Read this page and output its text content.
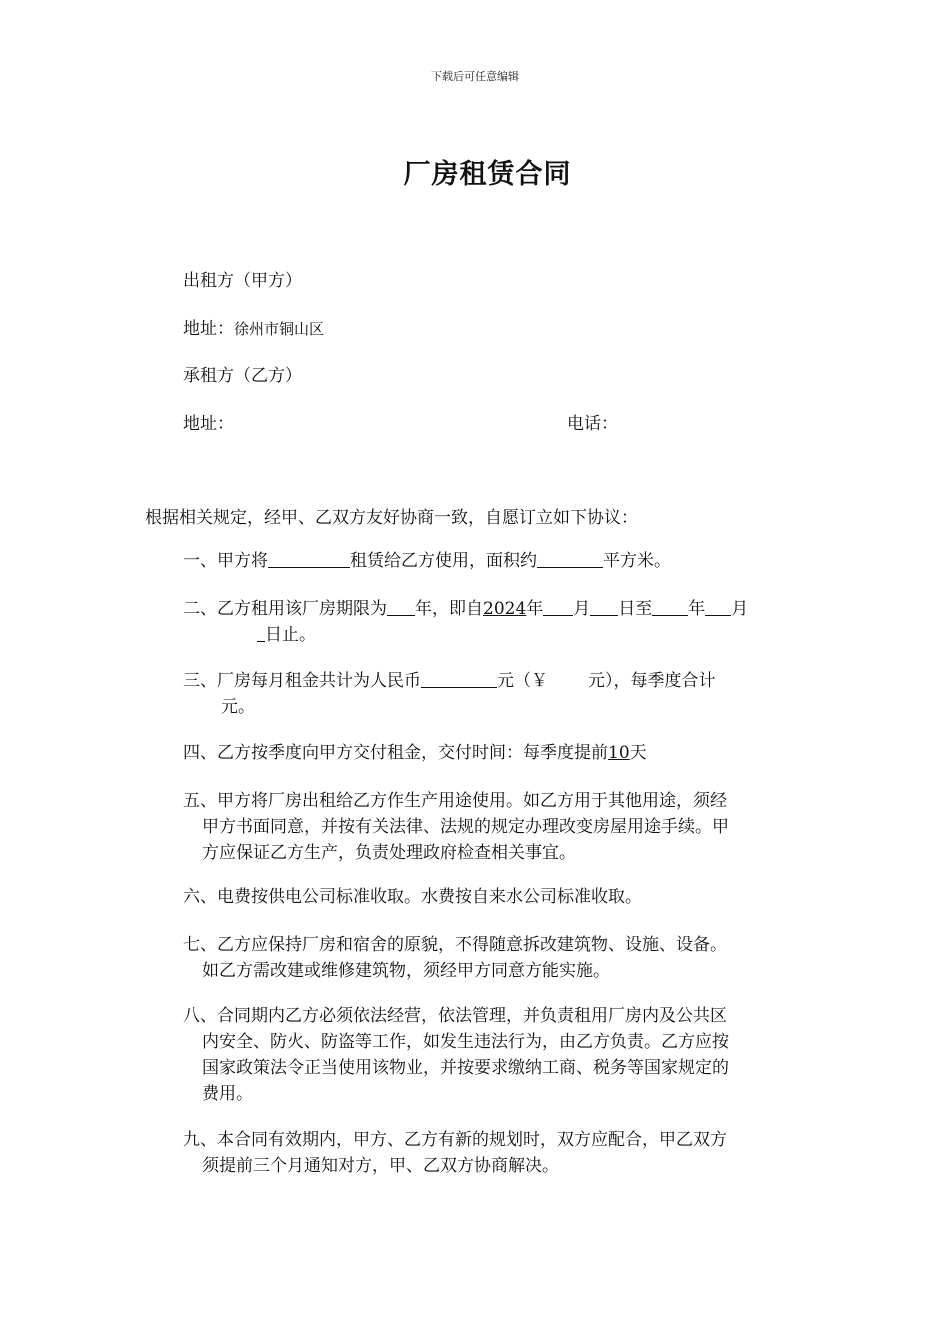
下载后可任意编辑
厂房租赁合同
出租方（甲方）
地址：徐州市铜山区
承租方（乙方）
地址：	电话：
根据相关规定，经甲、乙双方友好协商一致，自愿订立如下协议：
一、甲方将	租赁给乙方使用，面积约	平方米。
二、乙方租用该厂房期限为 年，即自2024年 月 日至 年 月
日止。
三、厂房每月租金共计为人民币	元（￥ 元），每季度合计
元。
四、乙方按季度向甲方交付租金，交付时间：每季度提前10天
五、甲方将厂房出租给乙方作生产用途使用。如乙方用于其他用途，须经
甲方书面同意，并按有关法律、法规的规定办理改变房屋用途手续。甲
方应保证乙方生产，负责处理政府检查相关事宜。
六、电费按供电公司标准收取。水费按自来水公司标准收取。
七、乙方应保持厂房和宿舍的原貌，不得随意拆改建筑物、设施、设备。
如乙方需改建或维修建筑物，须经甲方同意方能实施。
八、合同期内乙方必须依法经营，依法管理，并负责租用厂房内及公共区
内安全、防火、防盗等工作，如发生违法行为，由乙方负责。乙方应按
国家政策法令正当使用该物业，并按要求缴纳工商、税务等国家规定的
费用。
九、本合同有效期内，甲方、乙方有新的规划时，双方应配合，甲乙双方
须提前三个月通知对方，甲、乙双方协商解决。
